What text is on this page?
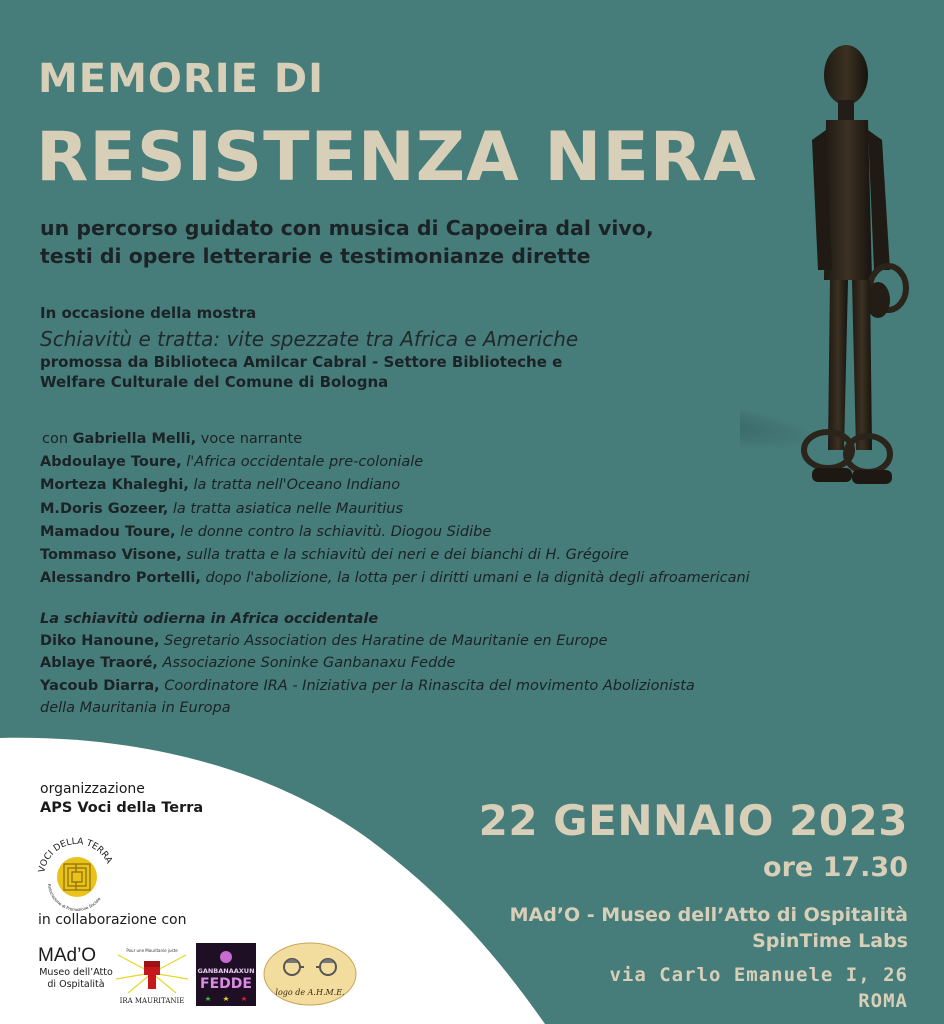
MEMORIE DI
RESISTENZA NERA
un percorso guidato con musica di Capoeira dal vivo,
testi di opere letterarie e testimonianze dirette
In occasione della mostra
Schiavitù e tratta: vite spezzate tra Africa e Americhe
promossa da Biblioteca Amilcar Cabral - Settore Biblioteche e
Welfare Culturale del Comune di Bologna
con Gabriella Melli, voce narrante
Abdoulaye Toure, l'Africa occidentale pre-coloniale
Morteza Khaleghi, la tratta nell'Oceano Indiano
M.Doris Gozeer, la tratta asiatica nelle Mauritius
Mamadou Toure, le donne contro la schiavitù. Diogou Sidibe
Tommaso Visone, sulla tratta e la schiavitù dei neri e dei bianchi di H. Grégoire
Alessandro Portelli, dopo l'abolizione, la lotta per i diritti umani e la dignità degli afroamericani
La schiavitù odierna in Africa occidentale
Diko Hanoune, Segretario Association des Haratine de Mauritanie en Europe
Ablaye Traoré, Associazione Soninke Ganbanaxu Fedde
Yacoub Diarra, Coordinatore IRA - Iniziativa per la Rinascita del movimento Abolizionista
della Mauritania in Europa
organizzazione
APS Voci della Terra
VOCI DELLA TERRA
Associazione di Promozione Sociale
in collaborazione con
MAd’O
Museo dell’Atto di Ospitalità
Pour une Mauritanie juste
IRA MAURITANIE
GANBANAAXUN
FEDDE
logo de A.H.M.E.
22 GENNAIO 2023
ore 17.30
MAd’O - Museo dell’Atto di Ospitalità
SpinTime Labs
via Carlo Emanuele I, 26
ROMA
